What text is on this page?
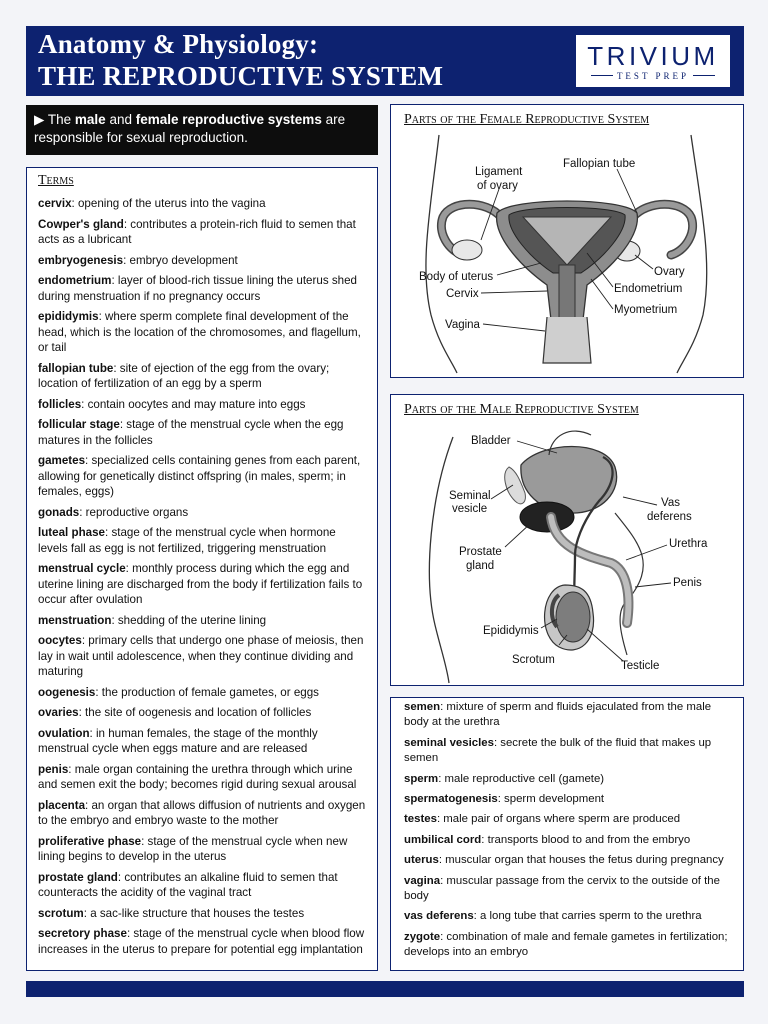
Anatomy & Physiology:
THE REPRODUCTIVE SYSTEM
TRIVIUM
TEST PREP
▶ The male and female reproductive systems are responsible for sexual reproduction.
Terms
cervix: opening of the uterus into the vagina
Cowper's gland: contributes a protein-rich fluid to semen that acts as a lubricant
embryogenesis: embryo development
endometrium: layer of blood-rich tissue lining the uterus shed during menstruation if no pregnancy occurs
epididymis: where sperm complete final development of the head, which is the location of the chromosomes, and flagellum, or tail
fallopian tube: site of ejection of the egg from the ovary; location of fertilization of an egg by a sperm
follicles: contain oocytes and may mature into eggs
follicular stage: stage of the menstrual cycle when the egg matures in the follicles
gametes: specialized cells containing genes from each parent, allowing for genetically distinct offspring (in males, sperm; in females, eggs)
gonads: reproductive organs
luteal phase: stage of the menstrual cycle when hormone levels fall as egg is not fertilized, triggering menstruation
menstrual cycle: monthly process during which the egg and uterine lining are discharged from the body if fertilization fails to occur after ovulation
menstruation: shedding of the uterine lining
oocytes: primary cells that undergo one phase of meiosis, then lay in wait until adolescence, when they continue dividing and maturing
oogenesis: the production of female gametes, or eggs
ovaries: the site of oogenesis and location of follicles
ovulation: in human females, the stage of the monthly menstrual cycle when eggs mature and are released
penis: male organ containing the urethra through which urine and semen exit the body; becomes rigid during sexual arousal
placenta: an organ that allows diffusion of nutrients and oxygen to the embryo and embryo waste to the mother
proliferative phase: stage of the menstrual cycle when new lining begins to develop in the uterus
prostate gland: contributes an alkaline fluid to semen that counteracts the acidity of the vaginal tract
scrotum: a sac-like structure that houses the testes
secretory phase: stage of the menstrual cycle when blood flow increases in the uterus to prepare for potential egg implantation
Ligament
of ovary
Fallopian tube
Body of uterus
Cervix
Vagina
Ovary
Endometrium
Myometrium
Parts of the Female Reproductive System
Bladder
Seminal
vesicle	Vas
deferens
Prostate
gland
Urethra
Penis
Epididymis
Scrotum	Testicle
Parts of the Male Reproductive System
semen: mixture of sperm and fluids ejaculated from the male body at the urethra
seminal vesicles: secrete the bulk of the fluid that makes up semen
sperm: male reproductive cell (gamete)
spermatogenesis: sperm development
testes: male pair of organs where sperm are produced
umbilical cord: transports blood to and from the embryo
uterus: muscular organ that houses the fetus during pregnancy
vagina: muscular passage from the cervix to the outside of the body
vas deferens: a long tube that carries sperm to the urethra
zygote: combination of male and female gametes in fertilization; develops into an embryo
